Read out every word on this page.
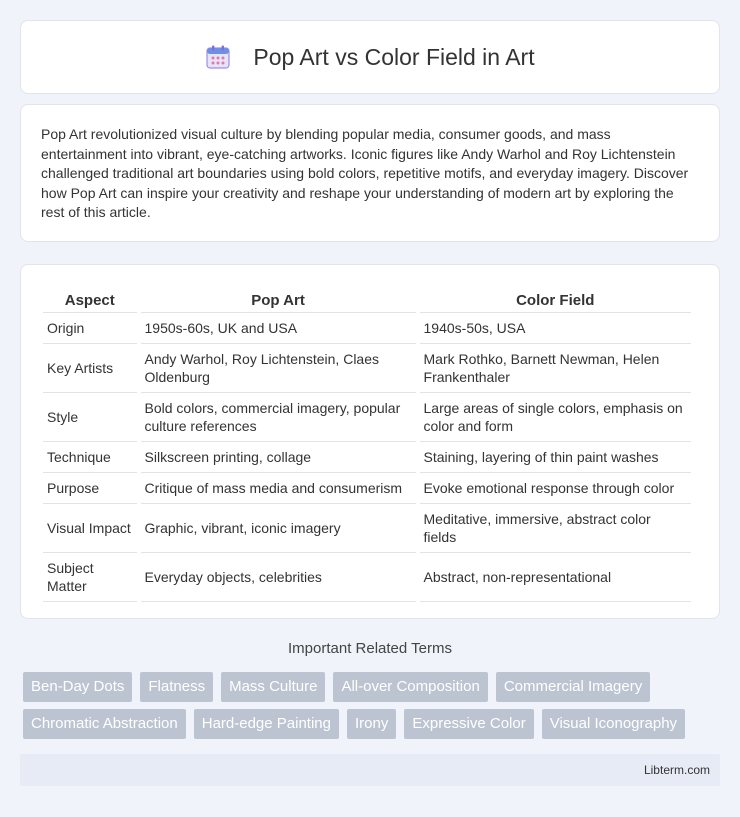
Pop Art vs Color Field in Art

Pop Art revolutionized visual culture by blending popular media, consumer goods, and mass entertainment into vibrant, eye-catching artworks. Iconic figures like Andy Warhol and Roy Lichtenstein challenged traditional art boundaries using bold colors, repetitive motifs, and everyday imagery. Discover how Pop Art can inspire your creativity and reshape your understanding of modern art by exploring the rest of this article.

Aspect	Pop Art	Color Field
Origin	1950s-60s, UK and USA	1940s-50s, USA
Key Artists	Andy Warhol, Roy Lichtenstein, Claes Oldenburg	Mark Rothko, Barnett Newman, Helen Frankenthaler
Style	Bold colors, commercial imagery, popular culture references	Large areas of single colors, emphasis on color and form
Technique	Silkscreen printing, collage	Staining, layering of thin paint washes
Purpose	Critique of mass media and consumerism	Evoke emotional response through color
Visual Impact	Graphic, vibrant, iconic imagery	Meditative, immersive, abstract color fields
Subject Matter	Everyday objects, celebrities	Abstract, non-representational
Important Related Terms
Ben-Day Dots	Flatness	Mass Culture	All-over Composition	Commercial Imagery
Chromatic Abstraction	Hard-edge Painting	Irony	Expressive Color	Visual Iconography
Libterm.com
